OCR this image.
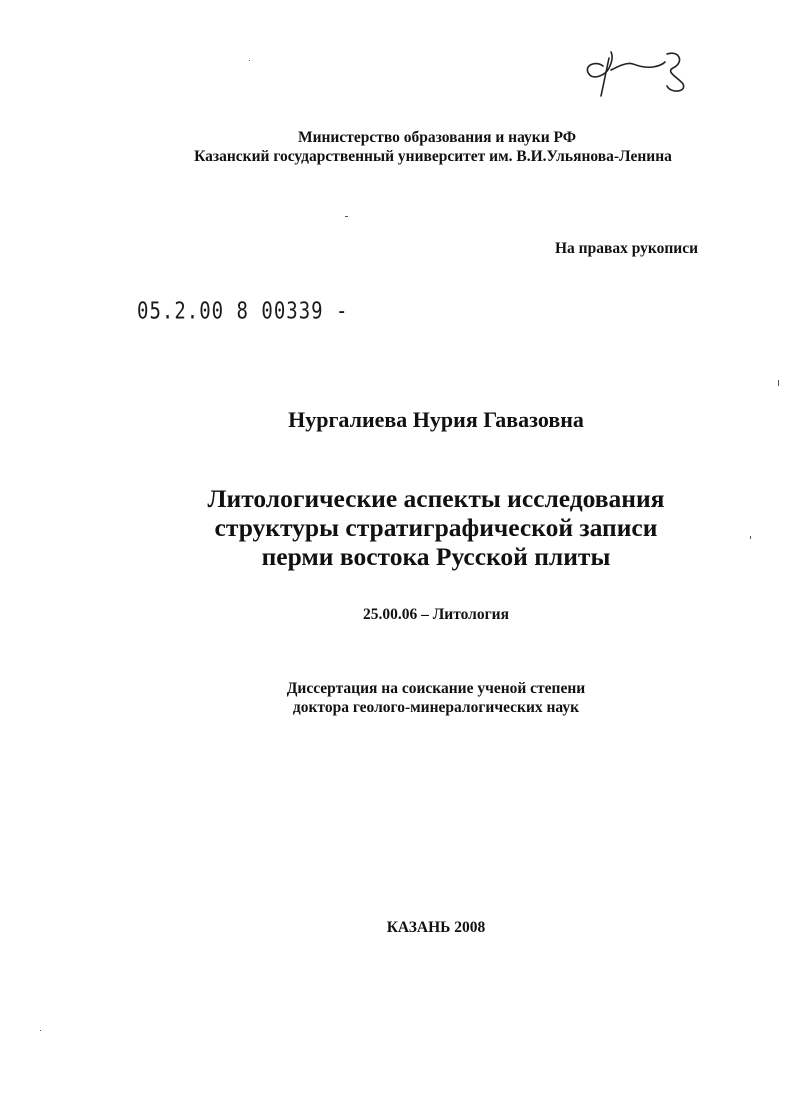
Министерство образования и науки РФ
Казанский государственный университет им. В.И.Ульянова-Ленина
На правах рукописи
05.2.00 8 00339 -
Нургалиева Нурия Гавазовна
Литологические аспекты исследования
структуры стратиграфической записи
перми востока Русской плиты
25.00.06 – Литология
Диссертация на соискание ученой степени
доктора геолого-минералогических наук
КАЗАНЬ 2008
